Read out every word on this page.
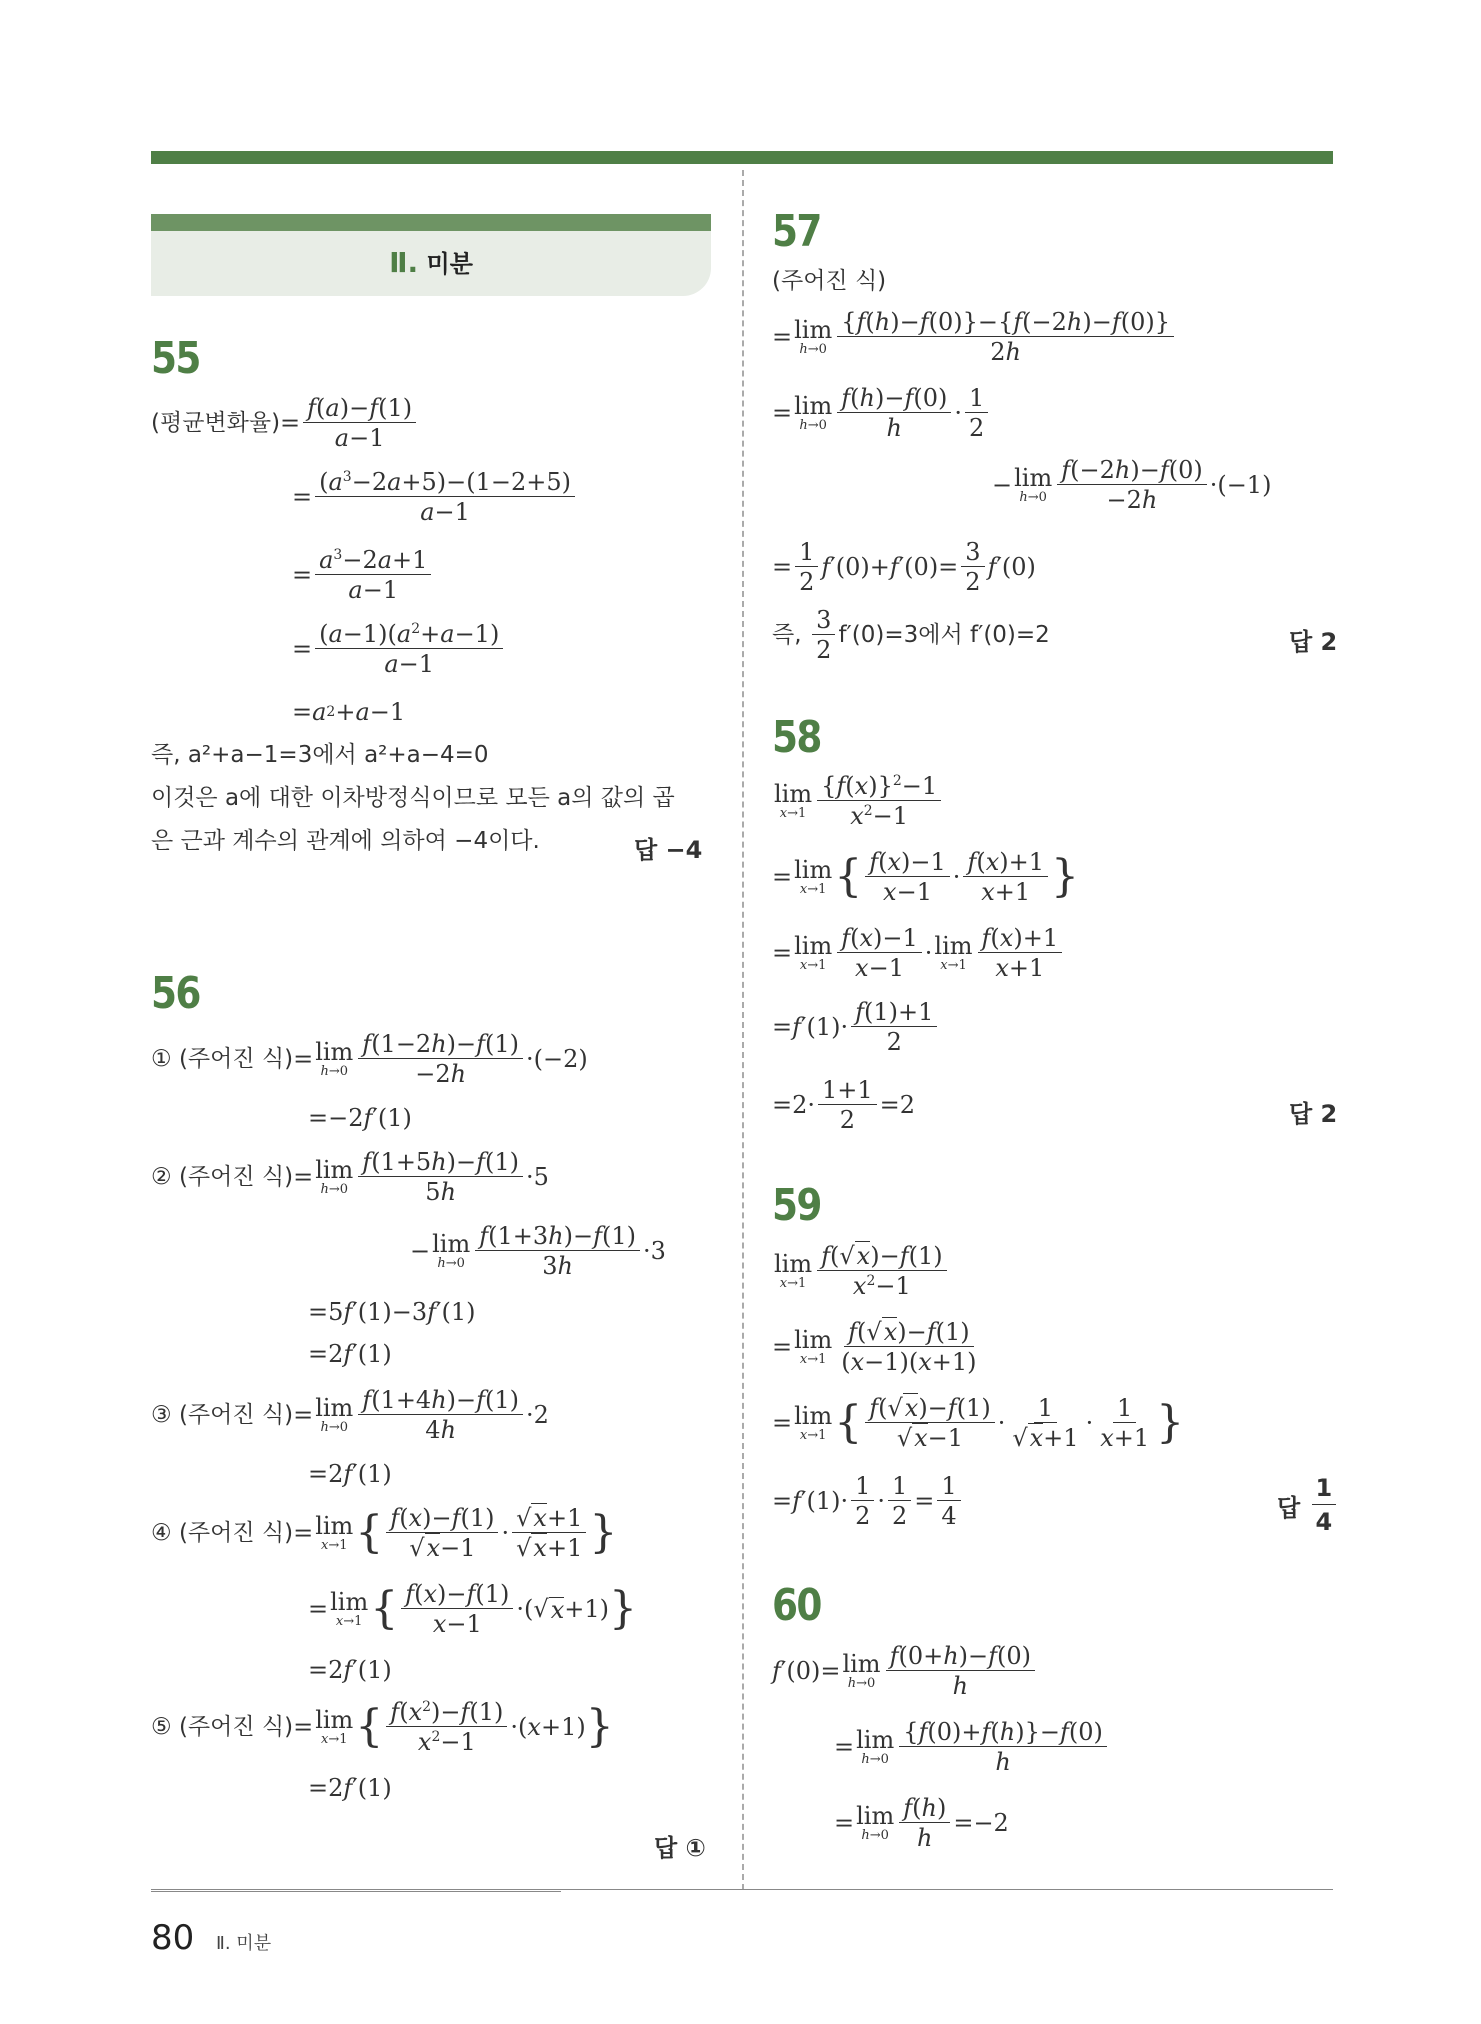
80 Ⅱ. 미분
Ⅱ. 미분
55
(평균변화율) = $\frac{f(a)-f(1)}{a-1}$
= $\frac{(a^3-2a+5)-(1-2+5)}{a-1}$
= $\frac{a^3-2a+1}{a-1}$
= $\frac{(a-1)(a^2+a-1)}{a-1}$
= a 2 + a −1
즉, a²+a−1=3에서 a²+a−4=0
이것은 a에 대한 이차방정식이므로 모든 a의 값의 곱
은 근과 계수의 관계에 의하여 −4이다.	답 −4
56
① (주어진 식) = lim
$h\to 0 \frac{f(1-2h)-f(1)}{-2h} \cdot(-2)$
=−2 f ′(1)
② (주어진 식) = lim
$h\to 0 \frac{f(1+5h)-f(1)}{5h} \cdot 5$
− lim
$h\to 0 \frac{f(1+3h)-f(1)}{3h} \cdot 3$
=5 f ′(1)−3 f ′(1)
=2 f ′(1)
③ (주어진 식) = lim
$h\to 0 \frac{f(1+4h)-f(1)}{4h} \cdot 2$
=2 f ′(1)
④ (주어진 식) = lim
x→1 { $\frac{f(x)-f(1)}{√x-1} \cdot \frac{√x+1}{√x+1}$ }
= lim
x→1 { $\frac{f(x)-f(1)}{x-1}$ ·(√ x +1) }
=2 f ′(1)
⑤ (주어진 식) = lim
x→1 { $\frac{f(x^2)-f(1)}{x^2-1}$ ·( x +1) }
=2 f ′(1)
답 ①
57
(주어진 식)
= lim
$h\to 0 \frac{\{f(h)-f(0)\}-\{f(-2h)-f(0)\}}{2h}$
= lim
$h\to 0 \frac{f(h)-f(0)}{h} \cdot \frac{1}{2}$
− lim
$h\to 0 \frac{f(-2h)-f(0)}{-2h} \cdot(-1)$
= $\frac{1}{2}$ f ′(0)+ f $'(0)= \frac{3}{2}$ f ′(0)
즉,
$\frac{3}{2} f'(0)=3$에서 f′(0)=2	답 2
58
lim
$x\to 1 \frac{\{f(x)\}^2-1}{x^2-1}$
= lim
x→1 { $\frac{f(x)-1}{x-1} \cdot \frac{f(x)+1}{x+1}$ }
= lim
$x\to 1 \frac{f(x)-1}{x-1} \cdot \lim$
$x\to 1 \frac{f(x)+1}{x+1}$
= f $'(1)\cdot \frac{f(1)+1}{2}$
$=2\cdot \frac{1+1}{2} =2$	답 2
59
lim
$x\to 1 \frac{f(√x)-f(1)}{x^2-1}$
= lim
$x\to 1 \frac{f(√x)-f(1)}{(x-1)(x+1)}$
= lim
x→1 { $\frac{f(√x)-f(1)}{√x-1} \cdot \frac{1}{√x+1} \cdot \frac{1}{x+1}$ }
= f $'(1)\cdot \frac{1}{2} \cdot \frac{1}{2} = \frac{1}{4}$	답
$\frac{1}{4}$
60
f ′(0)= lim
$h\to 0 \frac{f(0+h)-f(0)}{h}$
= lim
$h\to 0 \frac{\{f(0)+f(h)\}-f(0)}{h}$
= lim
$h\to 0 \frac{f(h)}{h} =-2$
